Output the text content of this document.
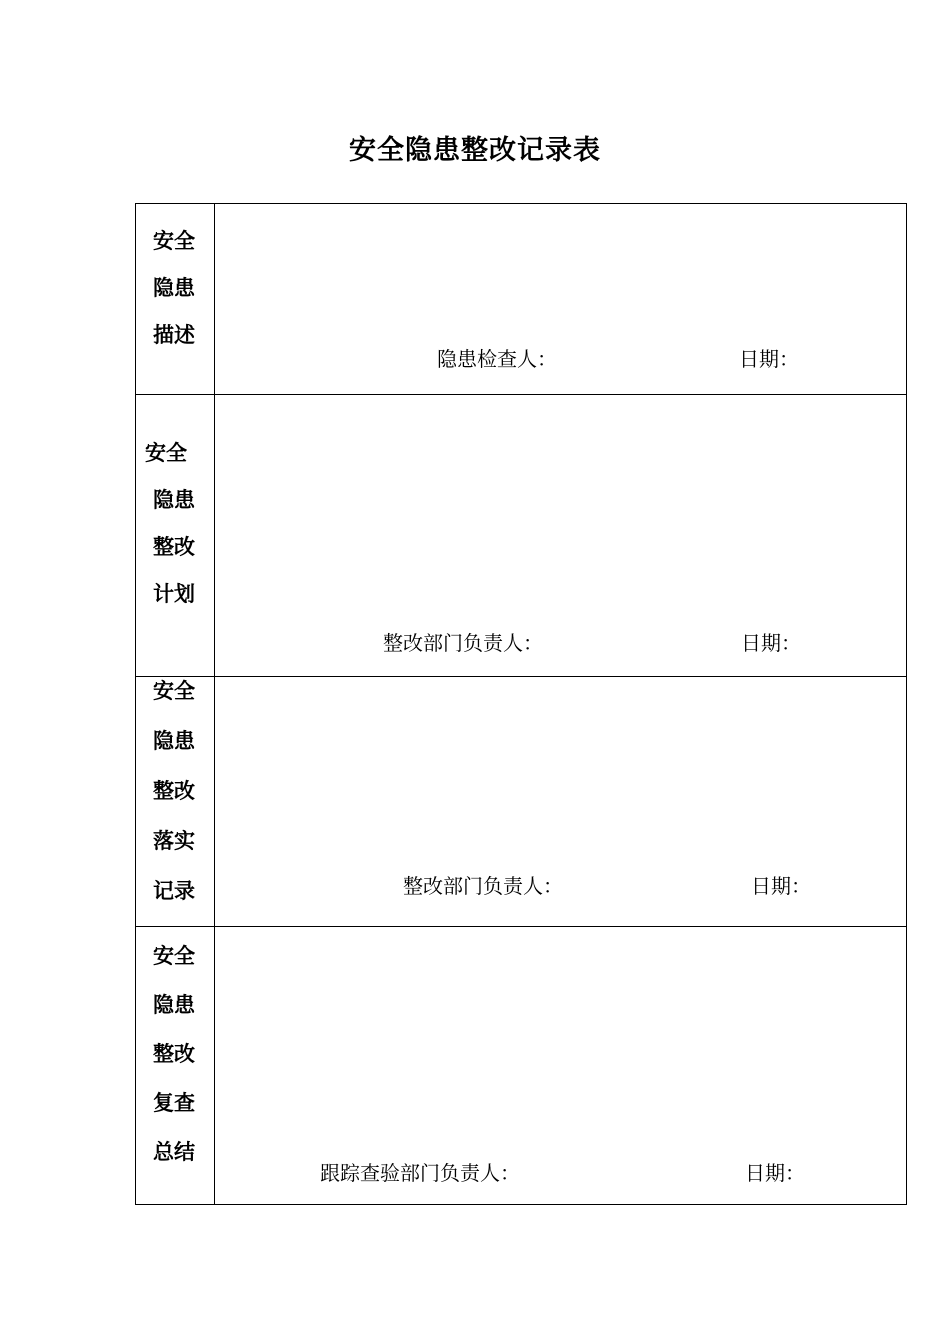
安全隐患整改记录表
安全
隐患
描述	隐患检查人： 日期：

安全
隐患
整改
计划	整改部门负责人： 日期：

安全
隐患
整改
落实
记录	整改部门负责人： 日期：

安全
隐患
整改
复查
总结	跟踪查验部门负责人： 日期：
